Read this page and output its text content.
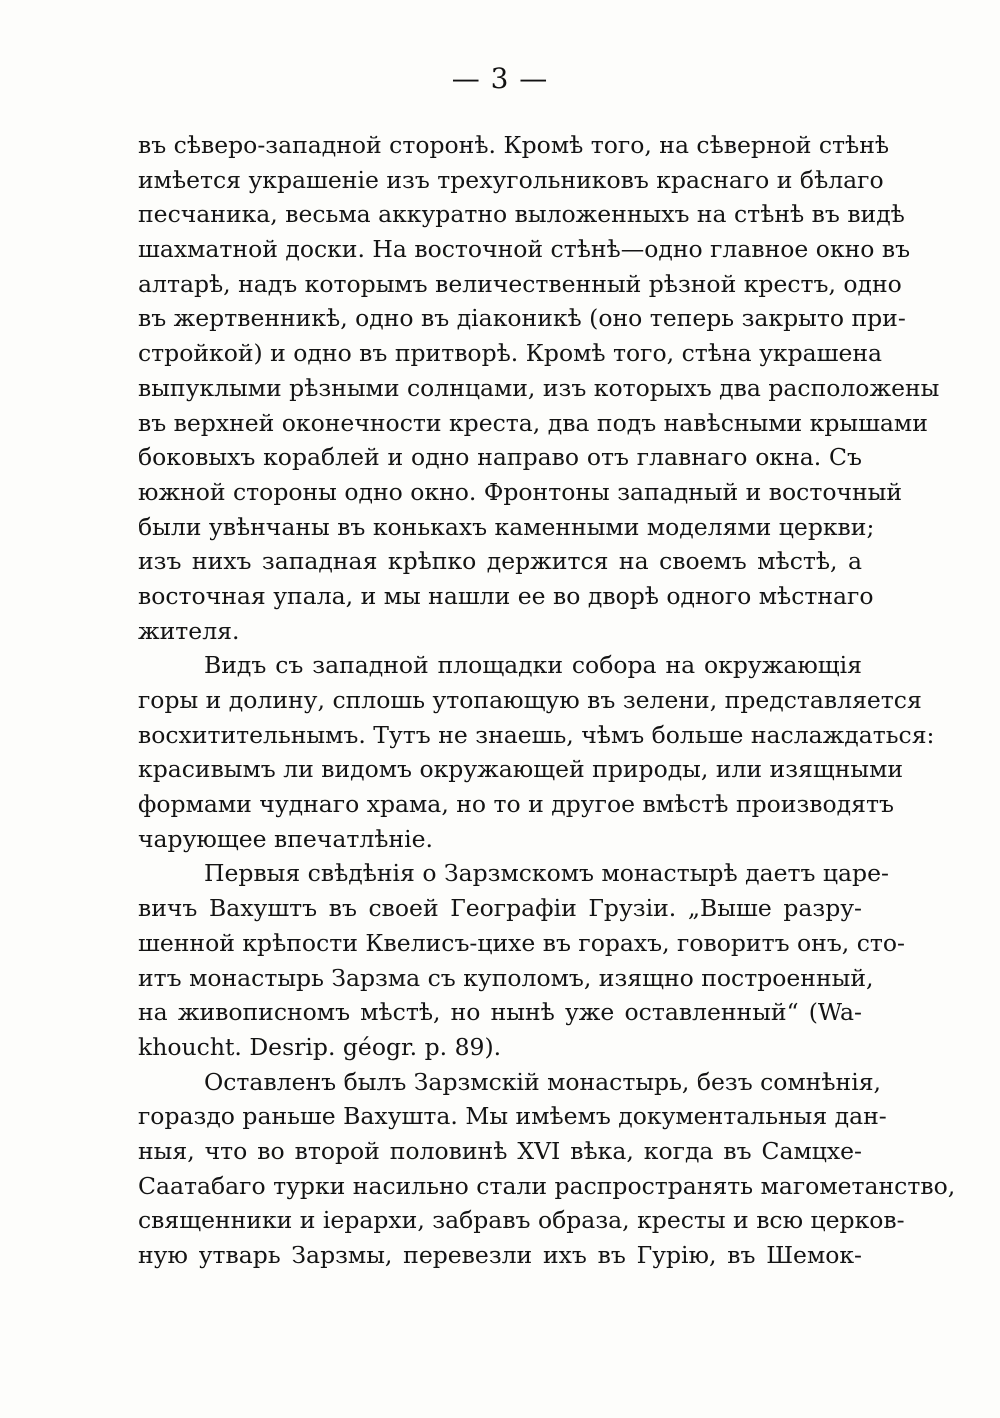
— 3 —
въ сѣверо-западной сторонѣ. Кромѣ того, на сѣверной стѣнѣ
имѣется украшеніе изъ трехугольниковъ краснаго и бѣлаго
песчаника, весьма аккуратно выложенныхъ на стѣнѣ въ видѣ
шахматной доски. На восточной стѣнѣ—одно главное окно въ
алтарѣ, надъ которымъ величественный рѣзной крестъ, одно
въ жертвенникѣ, одно въ діаконикѣ (оно теперь закрыто при-
стройкой) и одно въ притворѣ. Кромѣ того, стѣна украшена
выпуклыми рѣзными солнцами, изъ которыхъ два расположены
въ верхней оконечности креста, два подъ навѣсными крышами
боковыхъ кораблей и одно направо отъ главнаго окна. Съ
южной стороны одно окно. Фронтоны западный и восточный
были увѣнчаны въ конькахъ каменными моделями церкви;
изъ нихъ западная крѣпко держится на своемъ мѣстѣ, а
восточная упала, и мы нашли ее во дворѣ одного мѣстнаго
жителя.
Видъ съ западной площадки собора на окружающія
горы и долину, сплошь утопающую въ зелени, представляется
восхитительнымъ. Тутъ не знаешь, чѣмъ больше наслаждаться:
красивымъ ли видомъ окружающей природы, или изящными
формами чуднаго храма, но то и другое вмѣстѣ производятъ
чарующее впечатлѣніе.
Первыя свѣдѣнія о Зарзмскомъ монастырѣ даетъ царе-
вичъ Вахуштъ въ своей Географіи Грузіи. „Выше разру-
шенной крѣпости Квелисъ-цихе въ горахъ, говоритъ онъ, сто-
итъ монастырь Зарзма съ куполомъ, изящно построенный,
на живописномъ мѣстѣ, но нынѣ уже оставленный“ (Wa-
khoucht. Desrip. géogr. p. 89).
Оставленъ былъ Зарзмскій монастырь, безъ сомнѣнія,
гораздо раньше Вахушта. Мы имѣемъ документальныя дан-
ныя, что во второй половинѣ XVI вѣка, когда въ Самцхе-
Саатабаго турки насильно стали распространять магометанство,
священники и іерархи, забравъ образа, кресты и всю церков-
ную утварь Зарзмы, перевезли ихъ въ Гурію, въ Шемок-
